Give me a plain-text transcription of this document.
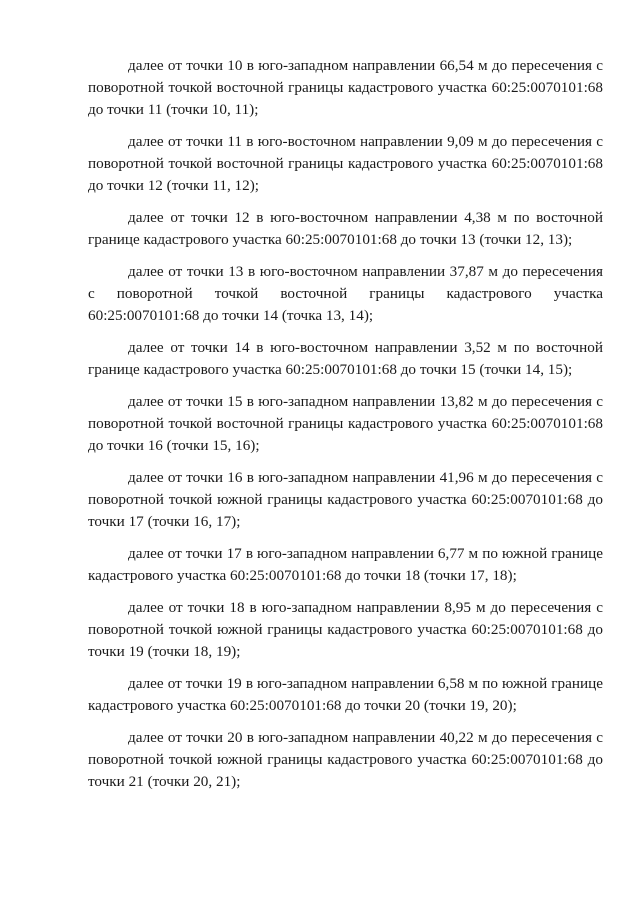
далее от точки 10 в юго-западном направлении 66,54 м до пересечения с поворотной точкой восточной границы кадастрового участка 60:25:0070101:68 до точки 11 (точки 10, 11);

далее от точки 11 в юго-восточном направлении 9,09 м до пересечения с поворотной точкой восточной границы кадастрового участка 60:25:0070101:68 до точки 12 (точки 11, 12);

далее от точки 12 в юго-восточном направлении 4,38 м по восточной границе кадастрового участка 60:25:0070101:68 до точки 13 (точки 12, 13);

далее от точки 13 в юго-восточном направлении 37,87 м до пересечения с поворотной точкой восточной границы кадастрового участка 60:25:0070101:68 до точки 14 (точка 13, 14);

далее от точки 14 в юго-восточном направлении 3,52 м по восточной границе кадастрового участка 60:25:0070101:68 до точки 15 (точки 14, 15);

далее от точки 15 в юго-западном направлении 13,82 м до пересечения с поворотной точкой восточной границы кадастрового участка 60:25:0070101:68 до точки 16 (точки 15, 16);

далее от точки 16 в юго-западном направлении 41,96 м до пересечения с поворотной точкой южной границы кадастрового участка 60:25:0070101:68 до точки 17 (точки 16, 17);

далее от точки 17 в юго-западном направлении 6,77 м по южной границе кадастрового участка 60:25:0070101:68 до точки 18 (точки 17, 18);

далее от точки 18 в юго-западном направлении 8,95 м до пересечения с поворотной точкой южной границы кадастрового участка 60:25:0070101:68 до точки 19 (точки 18, 19);

далее от точки 19 в юго-западном направлении 6,58 м по южной границе кадастрового участка 60:25:0070101:68 до точки 20 (точки 19, 20);

далее от точки 20 в юго-западном направлении 40,22 м до пересечения с поворотной точкой южной границы кадастрового участка 60:25:0070101:68 до точки 21 (точки 20, 21);
